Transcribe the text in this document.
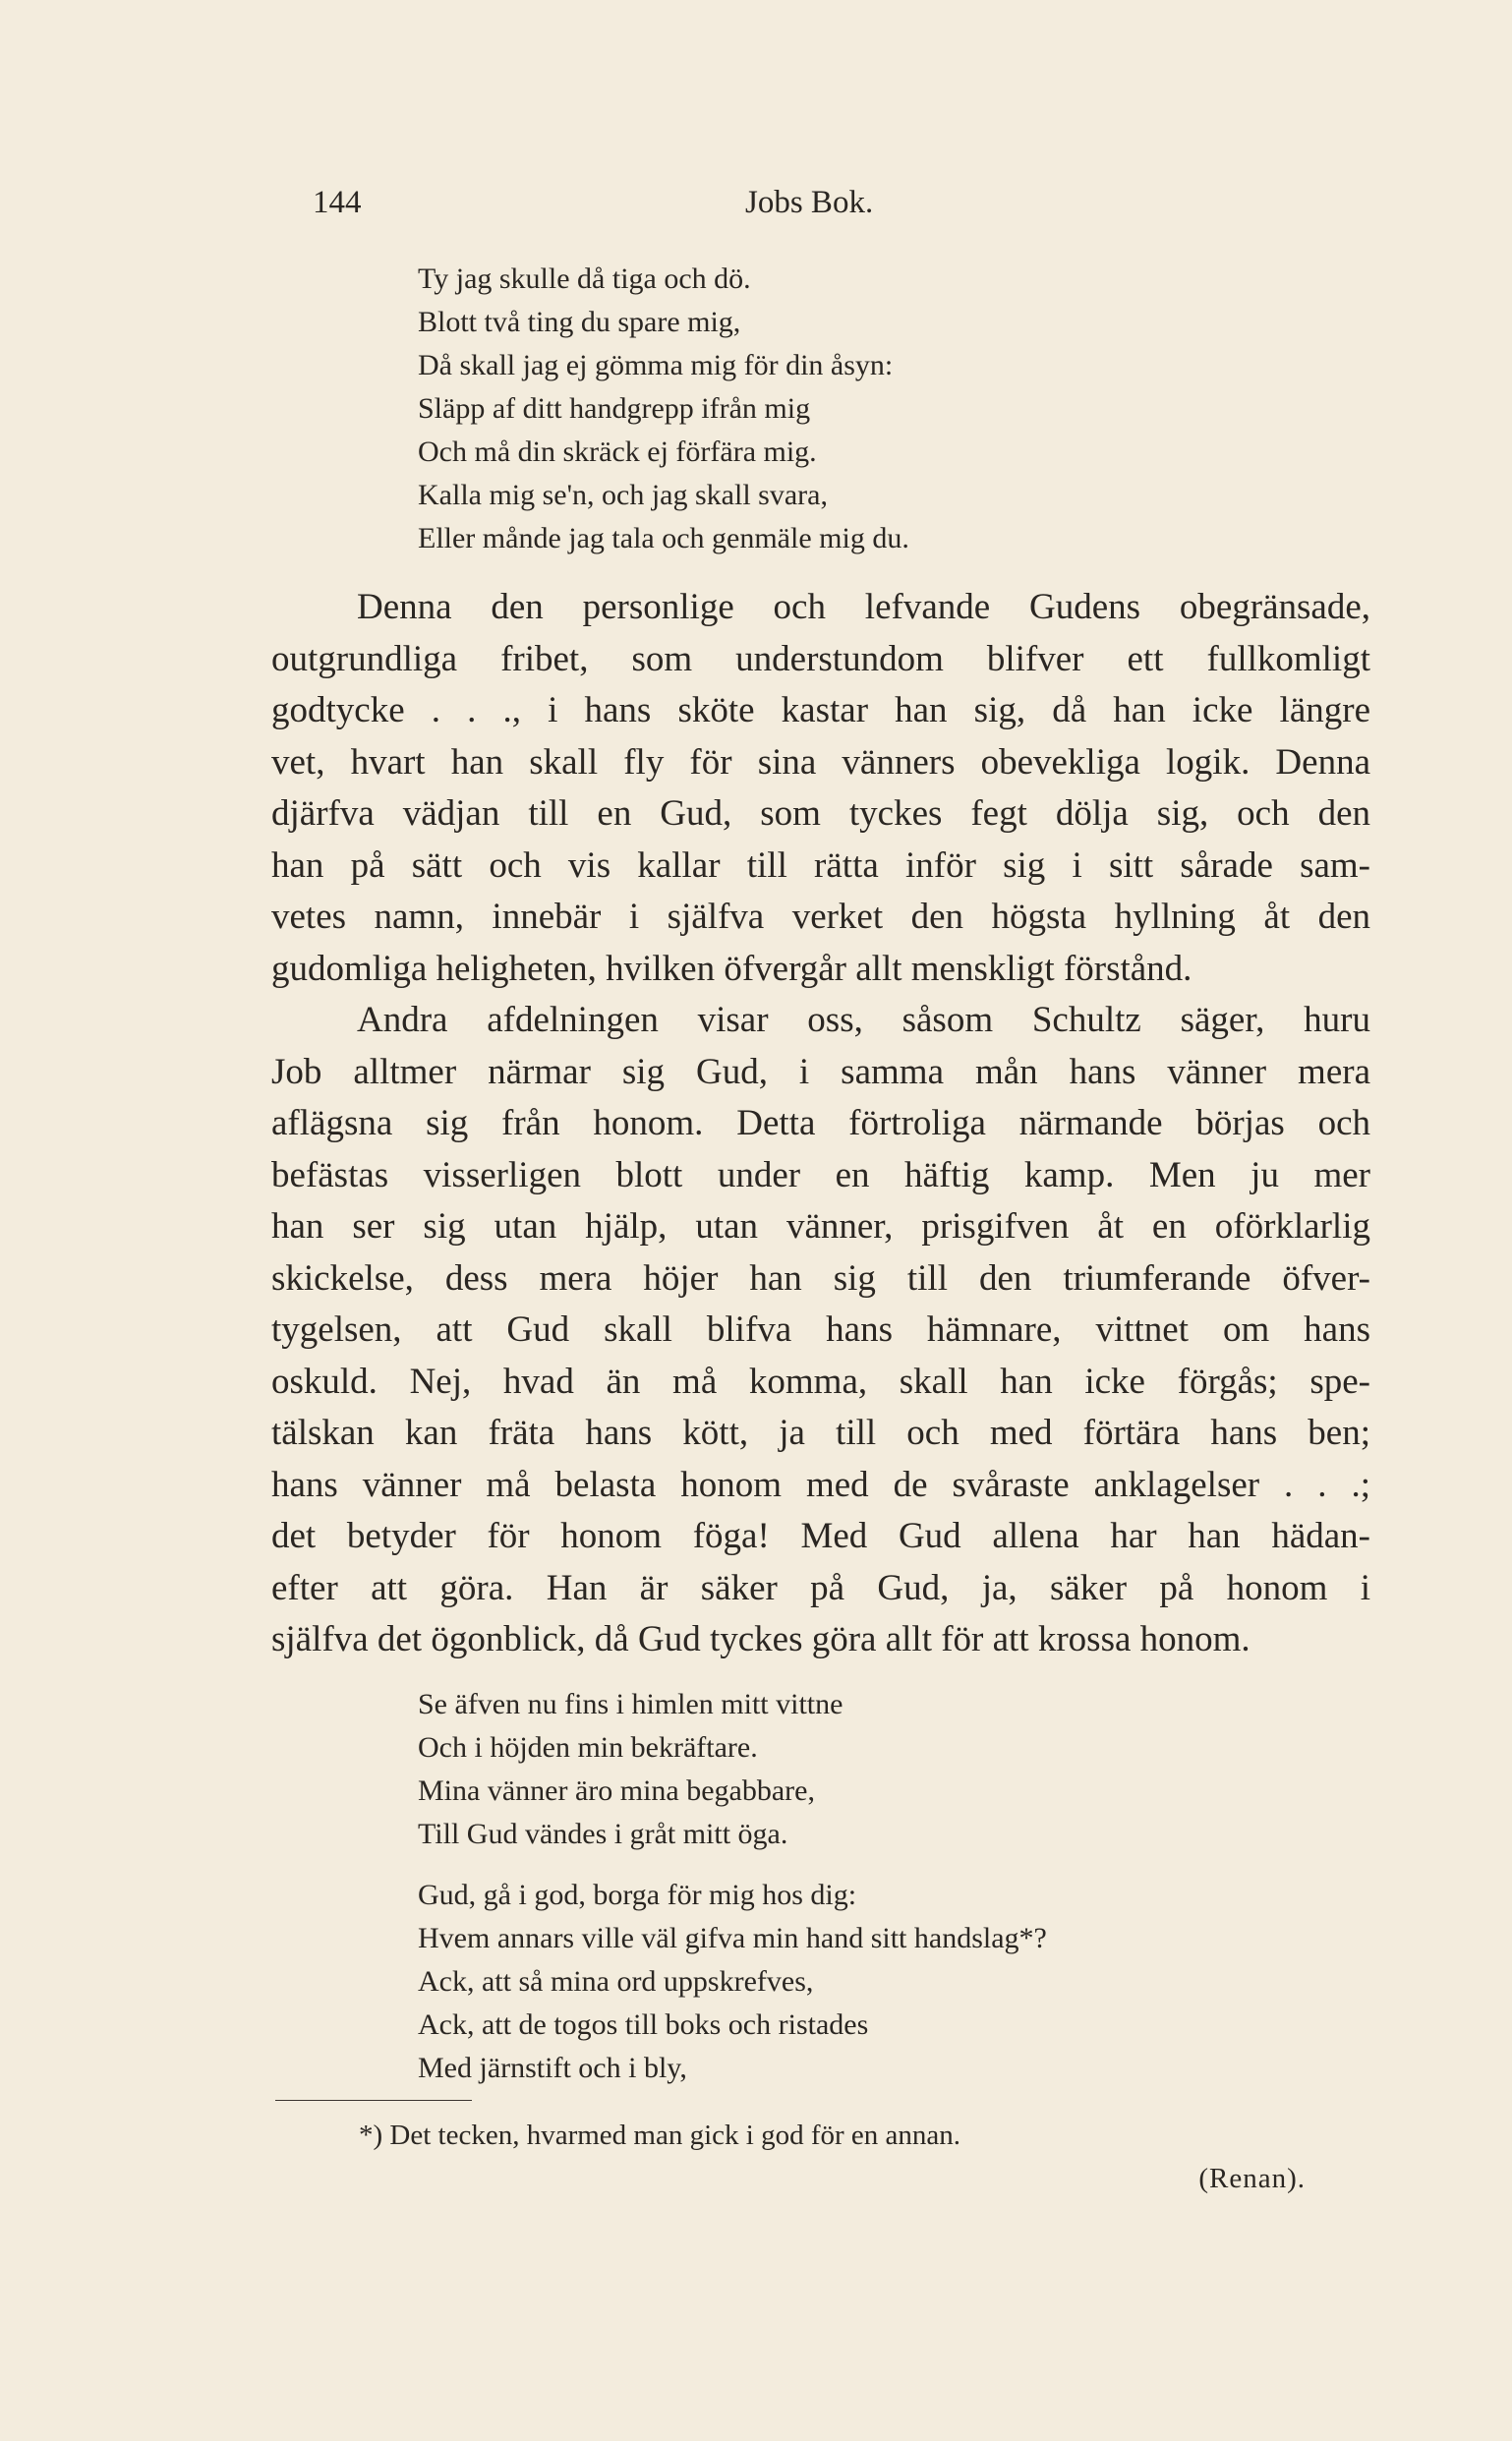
144	Jobs Bok.
Ty jag skulle då tiga och dö.
Blott två ting du spare mig,
Då skall jag ej gömma mig för din åsyn:
Släpp af ditt handgrepp ifrån mig
Och må din skräck ej förfära mig.
Kalla mig se'n, och jag skall svara,
Eller månde jag tala och genmäle mig du.
Denna den personlige och lefvande Gudens obegränsade,
outgrundliga fribet, som understundom blifver ett fullkomligt
godtycke . . ., i hans sköte kastar han sig, då han icke längre
vet, hvart han skall fly för sina vänners obevekliga logik. Denna
djärfva vädjan till en Gud, som tyckes fegt dölja sig, och den
han på sätt och vis kallar till rätta inför sig i sitt sårade sam-
vetes namn, innebär i själfva verket den högsta hyllning åt den
gudomliga heligheten, hvilken öfvergår allt menskligt förstånd.
Andra afdelningen visar oss, såsom Schultz säger, huru
Job alltmer närmar sig Gud, i samma mån hans vänner mera
aflägsna sig från honom. Detta förtroliga närmande börjas och
befästas visserligen blott under en häftig kamp. Men ju mer
han ser sig utan hjälp, utan vänner, prisgifven åt en oförklarlig
skickelse, dess mera höjer han sig till den triumferande öfver-
tygelsen, att Gud skall blifva hans hämnare, vittnet om hans
oskuld. Nej, hvad än må komma, skall han icke förgås; spe-
tälskan kan fräta hans kött, ja till och med förtära hans ben;
hans vänner må belasta honom med de svåraste anklagelser . . .;
det betyder för honom föga! Med Gud allena har han hädan-
efter att göra. Han är säker på Gud, ja, säker på honom i
själfva det ögonblick, då Gud tyckes göra allt för att krossa honom.
Se äfven nu fins i himlen mitt vittne
Och i höjden min bekräftare.
Mina vänner äro mina begabbare,
Till Gud vändes i gråt mitt öga.
Gud, gå i god, borga för mig hos dig:
Hvem annars ville väl gifva min hand sitt handslag*?
Ack, att så mina ord uppskrefves,
Ack, att de togos till boks och ristades
Med järnstift och i bly,
*) Det tecken, hvarmed man gick i god för en annan.
(Renan).
